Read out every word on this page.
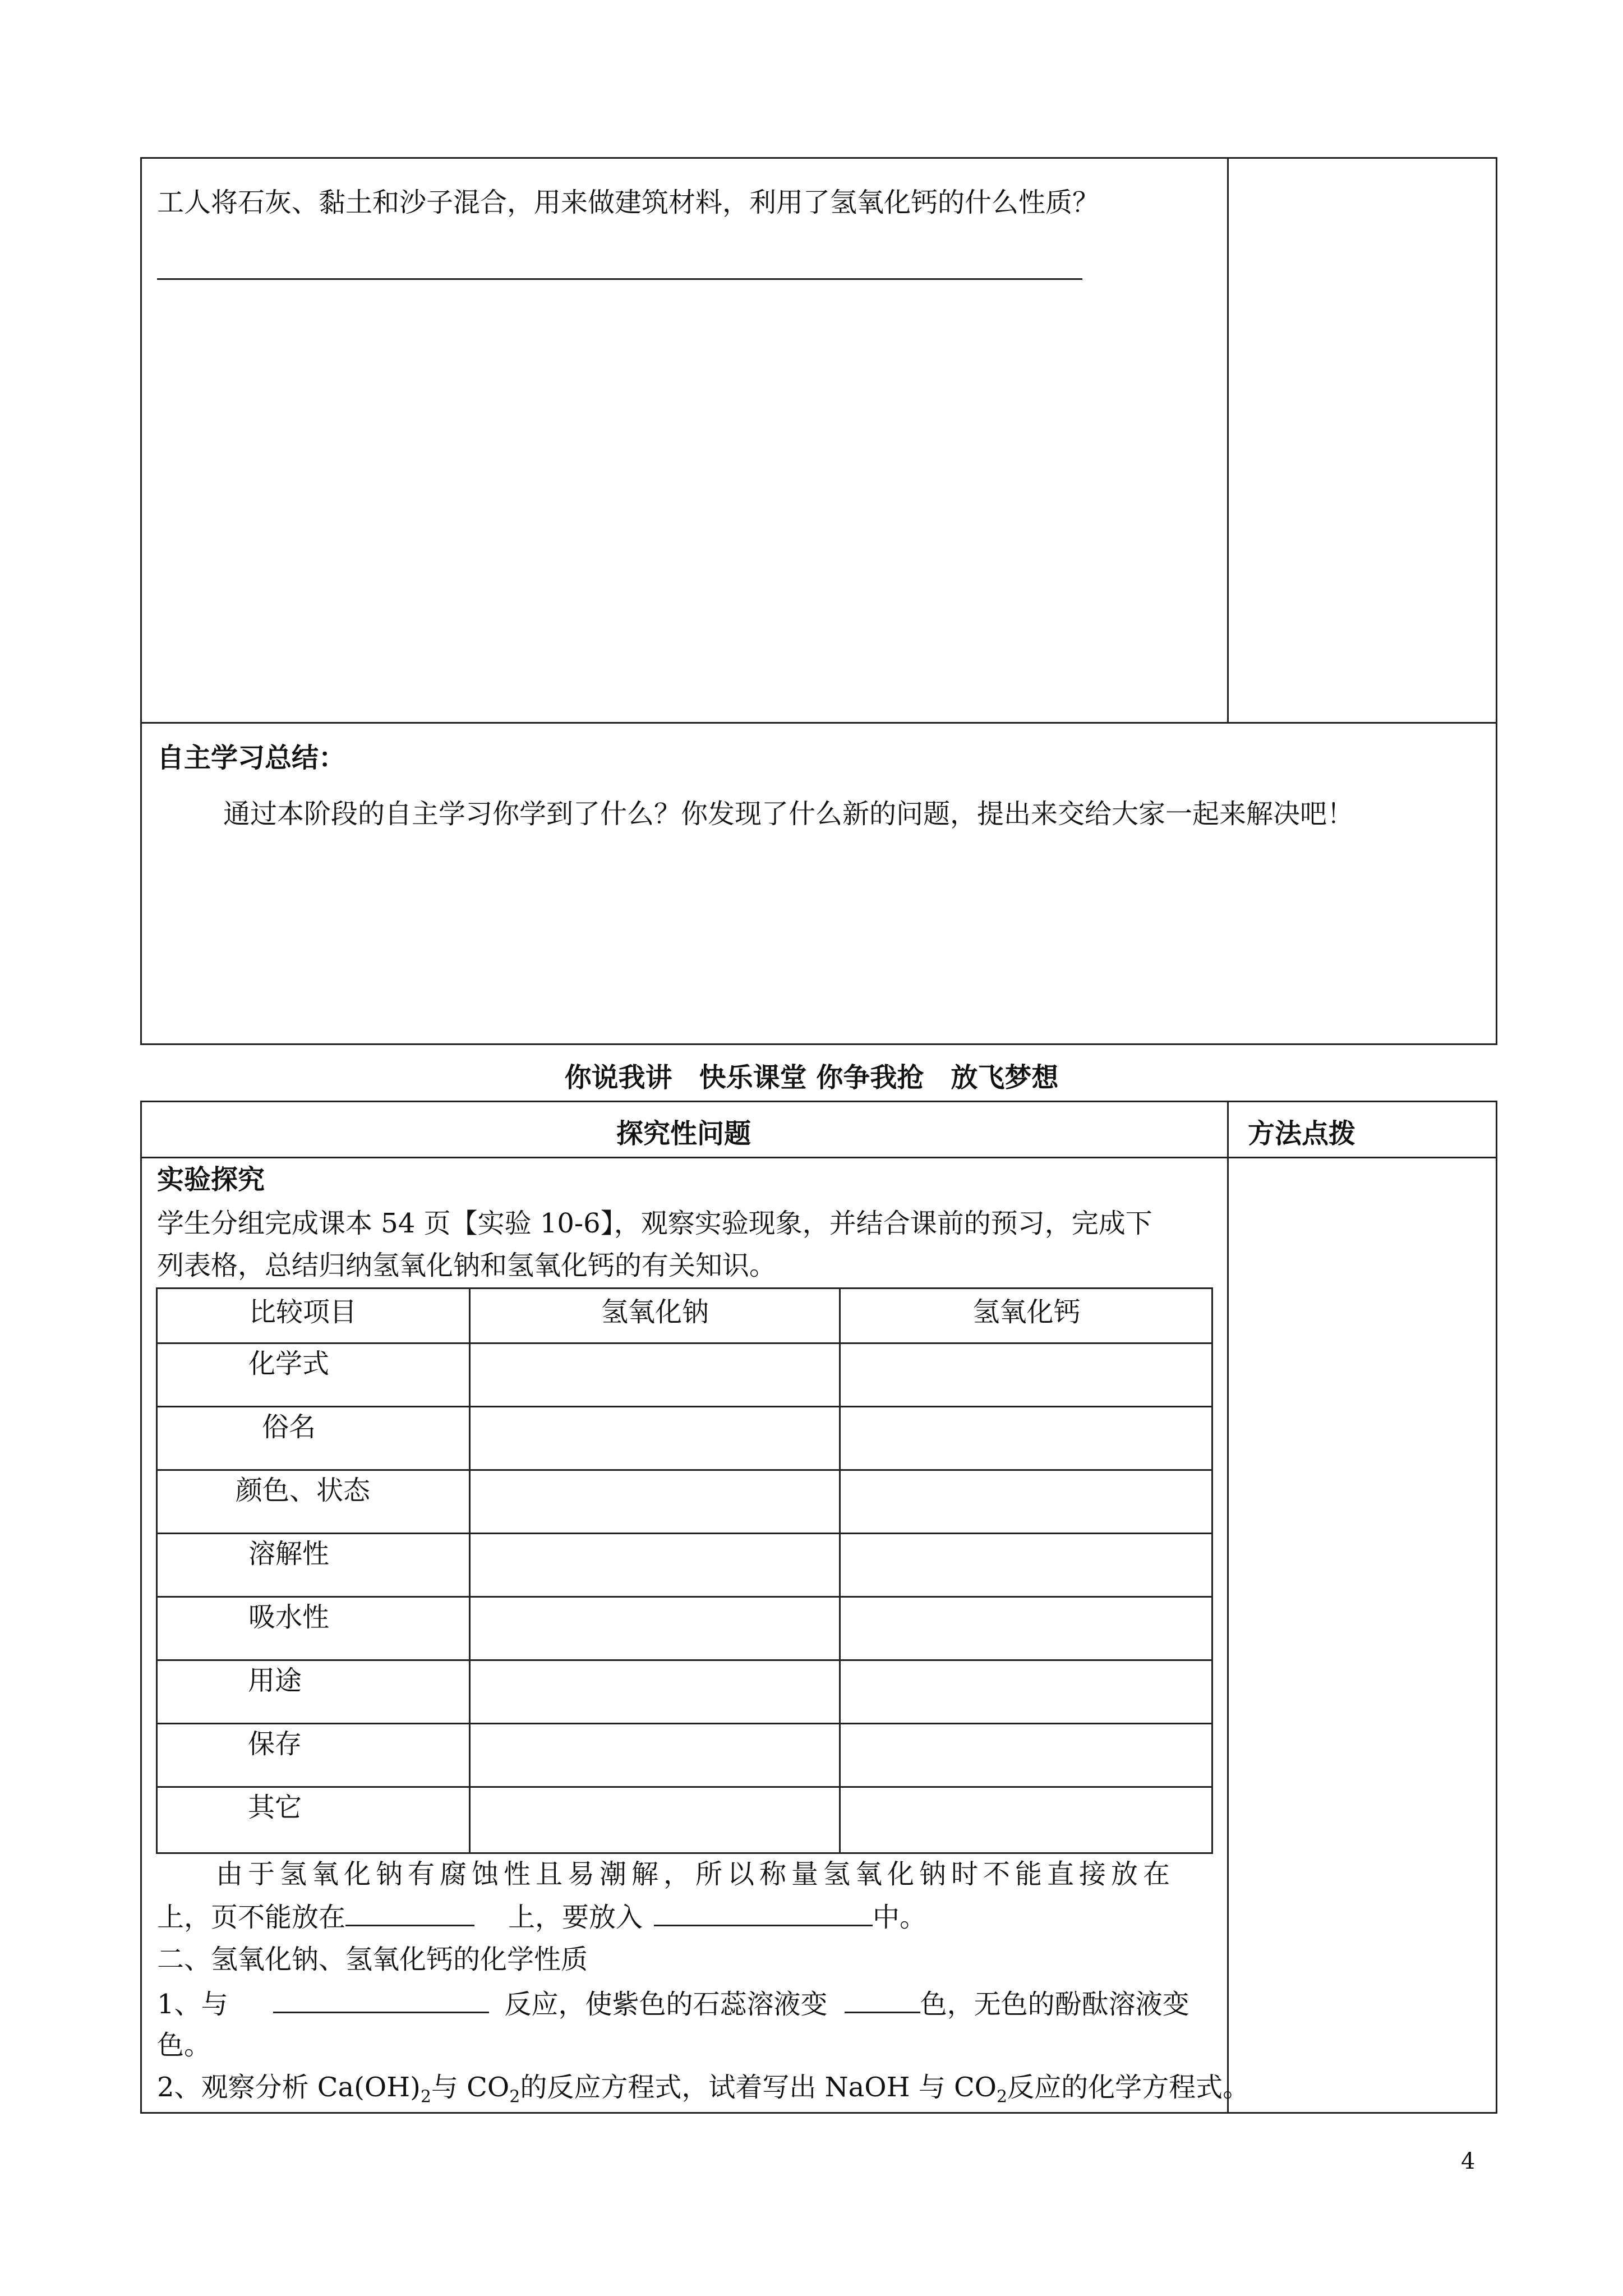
工人将石灰、黏土和沙子混合，用来做建筑材料，利用了氢氧化钙的什么性质？
自主学习总结：
通过本阶段的自主学习你学到了什么？你发现了什么新的问题，提出来交给大家一起来解决吧！
你说我讲　快乐课堂 你争我抢　放飞梦想
探究性问题	方法点拨
实验探究
学生分组完成课本 54 页【实验 10-6】，观察实验现象，并结合课前的预习，完成下
列表格，总结归纳氢氧化钠和氢氧化钙的有关知识。
比较项目	氢氧化钠	氢氧化钙
化学式
俗名
颜色、状态
溶解性
吸水性
用途
保存
其它
由于氢氧化钠有腐蚀性且易潮解，所以称量氢氧化钠时不能直接放在
上，页不能放在	上，要放入	中。
二、氢氧化钠、氢氧化钙的化学性质
1、与	反应，使紫色的石蕊溶液变	色，无色的酚酞溶液变
色。
2、观察分析 $Ca(OH)_2$与 $CO_2$的反应方程式，试着写出 NaOH 与 $CO_2$反应的化学方程式。
4
